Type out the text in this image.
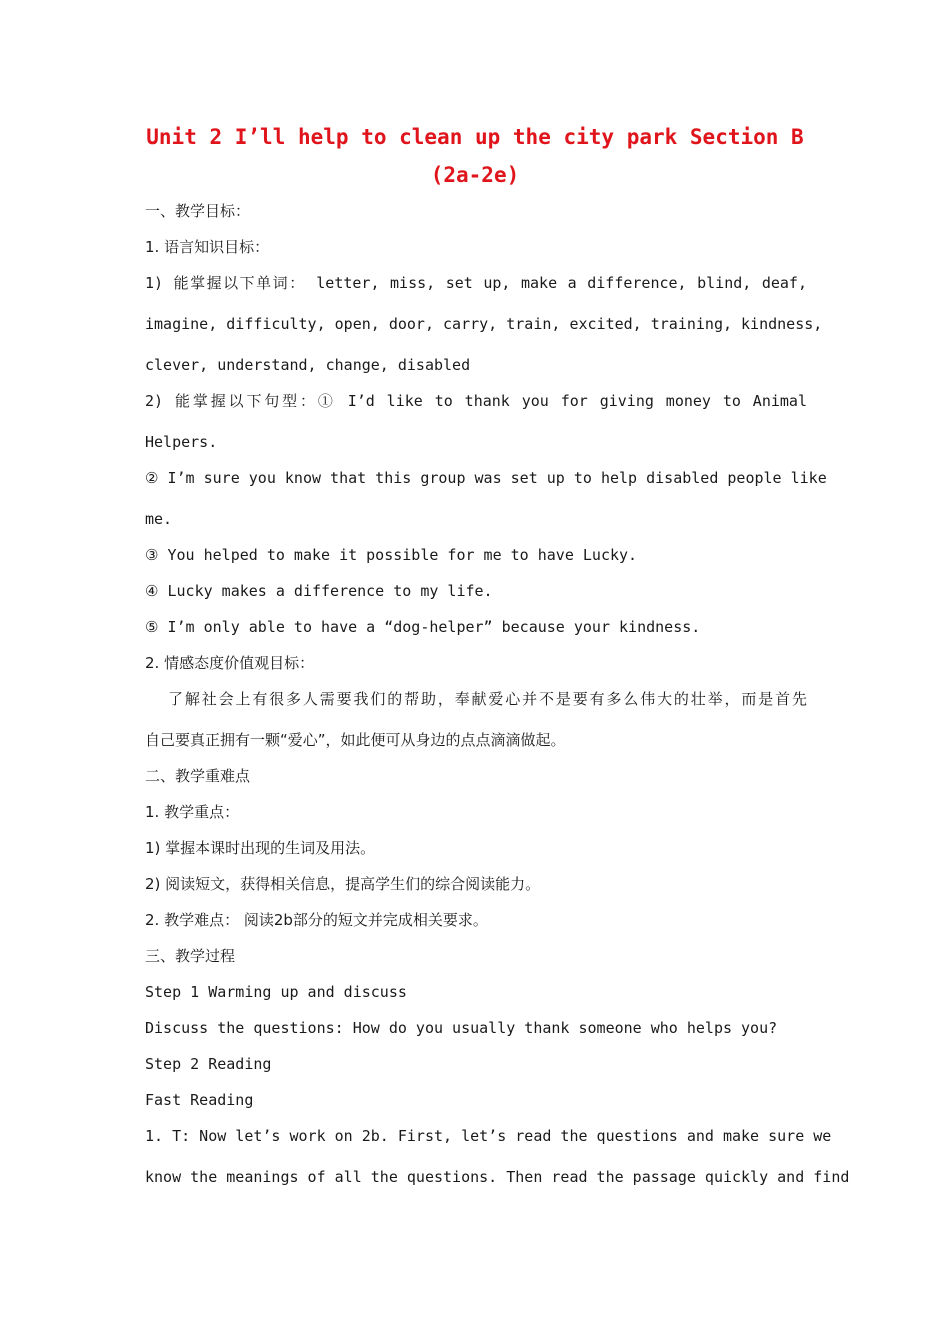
Unit 2 I’ll help to clean up the city park Section B (2a-2e)
一、教学目标：
1. 语言知识目标：
1) 能掌握以下单词： letter, miss, set up, make a difference, blind, deaf,
imagine, difficulty, open, door, carry, train, excited, training, kindness,
clever, understand, change, disabled
2) 能掌握以下句型：① I’d like to thank you for giving money to Animal
Helpers.
② I’m sure you know that this group was set up to help disabled people like
me.
③ You helped to make it possible for me to have Lucky.
④ Lucky makes a difference to my life.
⑤ I’m only able to have a “dog-helper” because your kindness.
2. 情感态度价值观目标：
了解社会上有很多人需要我们的帮助，奉献爱心并不是要有多么伟大的壮举，而是首先
自己要真正拥有一颗“爱心”，如此便可从身边的点点滴滴做起。
二、教学重难点
1. 教学重点：
1) 掌握本课时出现的生词及用法。
2) 阅读短文，获得相关信息，提高学生们的综合阅读能力。
2. 教学难点： 阅读2b部分的短文并完成相关要求。
三、教学过程
Step 1 Warming up and discuss
Discuss the questions: How do you usually thank someone who helps you?
Step 2 Reading
Fast Reading
1. T: Now let’s work on 2b. First, let’s read the questions and make sure we
know the meanings of all the questions. Then read the passage quickly and find
